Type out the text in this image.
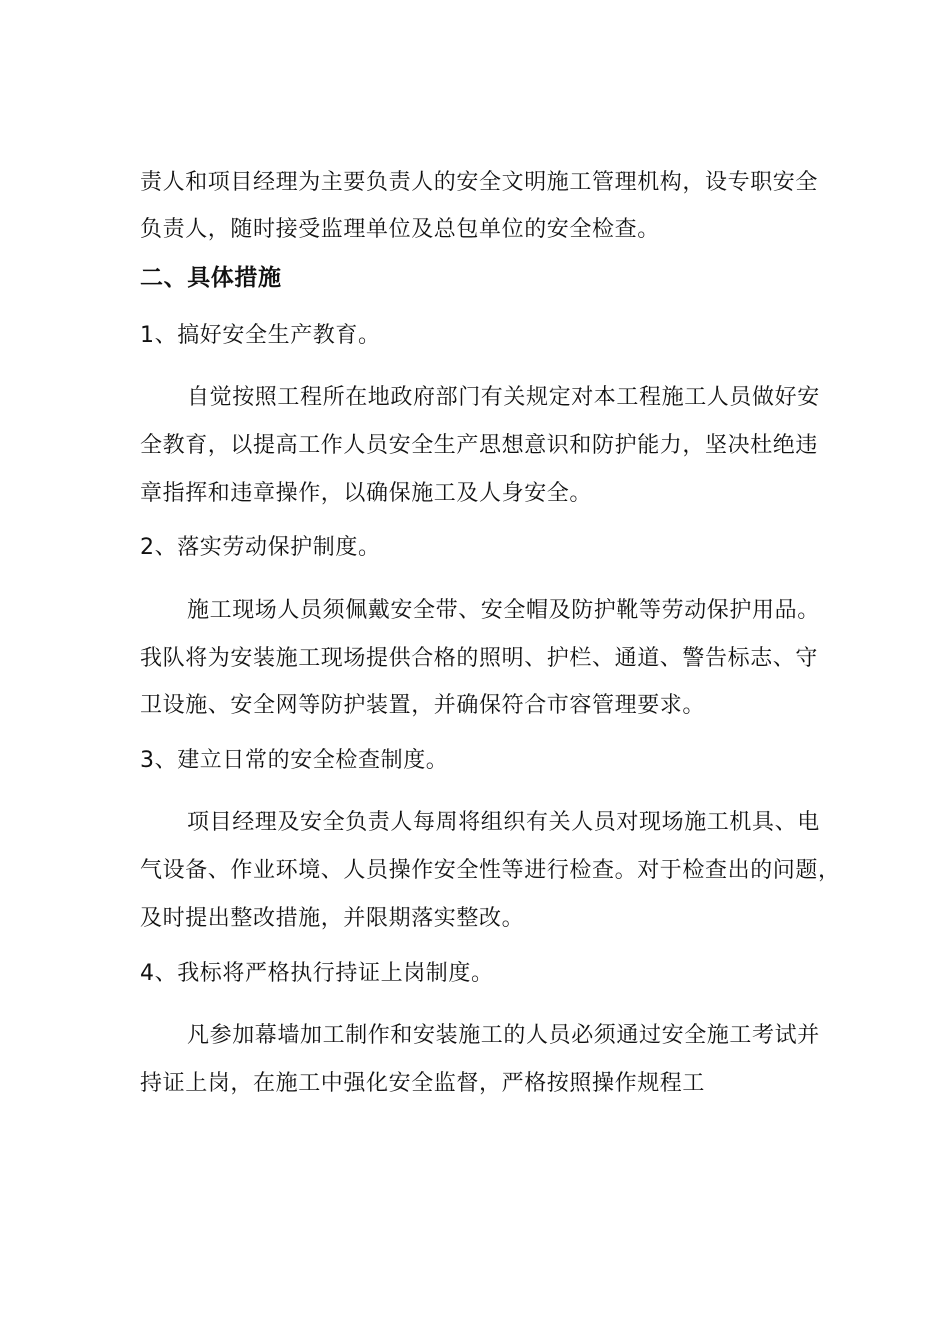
责人和项目经理为主要负责人的安全文明施工管理机构，设专职安全
负责人，随时接受监理单位及总包单位的安全检查。
二、具体措施
1、搞好安全生产教育。
自觉按照工程所在地政府部门有关规定对本工程施工人员做好安
全教育，以提高工作人员安全生产思想意识和防护能力，坚决杜绝违
章指挥和违章操作，以确保施工及人身安全。
2、落实劳动保护制度。
施工现场人员须佩戴安全带、安全帽及防护靴等劳动保护用品。
我队将为安装施工现场提供合格的照明、护栏、通道、警告标志、守
卫设施、安全网等防护装置，并确保符合市容管理要求。
3、建立日常的安全检查制度。
项目经理及安全负责人每周将组织有关人员对现场施工机具、电
气设备、作业环境、人员操作安全性等进行检查。对于检查出的问题，
及时提出整改措施，并限期落实整改。
4、我标将严格执行持证上岗制度。
凡参加幕墙加工制作和安装施工的人员必须通过安全施工考试并
持证上岗，在施工中强化安全监督，严格按照操作规程工
